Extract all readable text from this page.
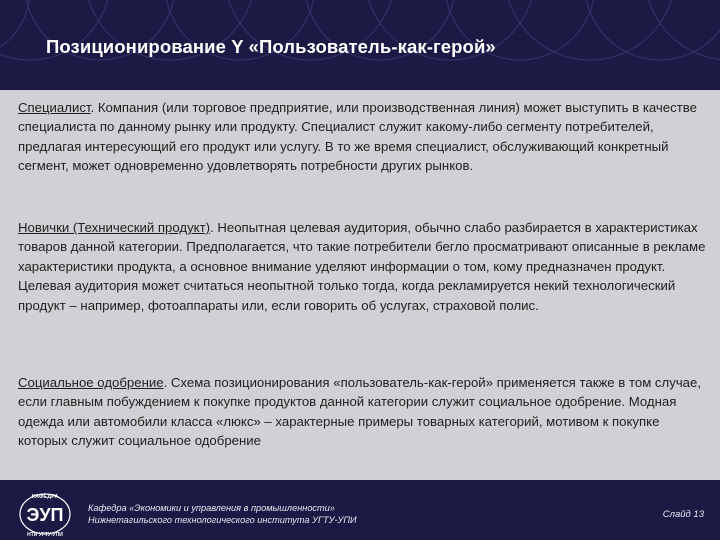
Позиционирование Y «Пользователь-как-герой»
Специалист. Компания (или торговое предприятие, или производственная линия) может выступить в качестве специалиста по данному рынку или продукту. Специалист служит какому-либо сегменту потребителей, предлагая интересующий его продукт или услугу. В то же время специалист, обслуживающий конкретный сегмент, может одновременно удовлетворять потребности других рынков.
Новички (Технический продукт). Неопытная целевая аудитория, обычно слабо разбирается в характеристиках товаров данной категории. Предполагается, что такие потребители бегло просматривают описанные в рекламе характеристики продукта, а основное внимание уделяют информации о том, кому предназначен продукт. Целевая аудитория может считаться неопытной только тогда, когда рекламируется некий технологический продукт – например, фотоаппараты или, если говорить об услугах, страховой полис.
Социальное одобрение. Схема позиционирования «пользователь-как-герой» применяется также в том случае, если главным побуждением к покупке продуктов данной категории служит социальное одобрение. Модная одежда или автомобили класса «люкс» – характерные примеры товарных категорий, мотивом к покупке которых служит социальное одобрение
КАФЕДРА
ЭУП
НТИ УГТУ-УПИ
Кафедра «Экономики и управления в промышленности»
Нижнетагильского технологического института УГТУ-УПИ	Слайд 13
